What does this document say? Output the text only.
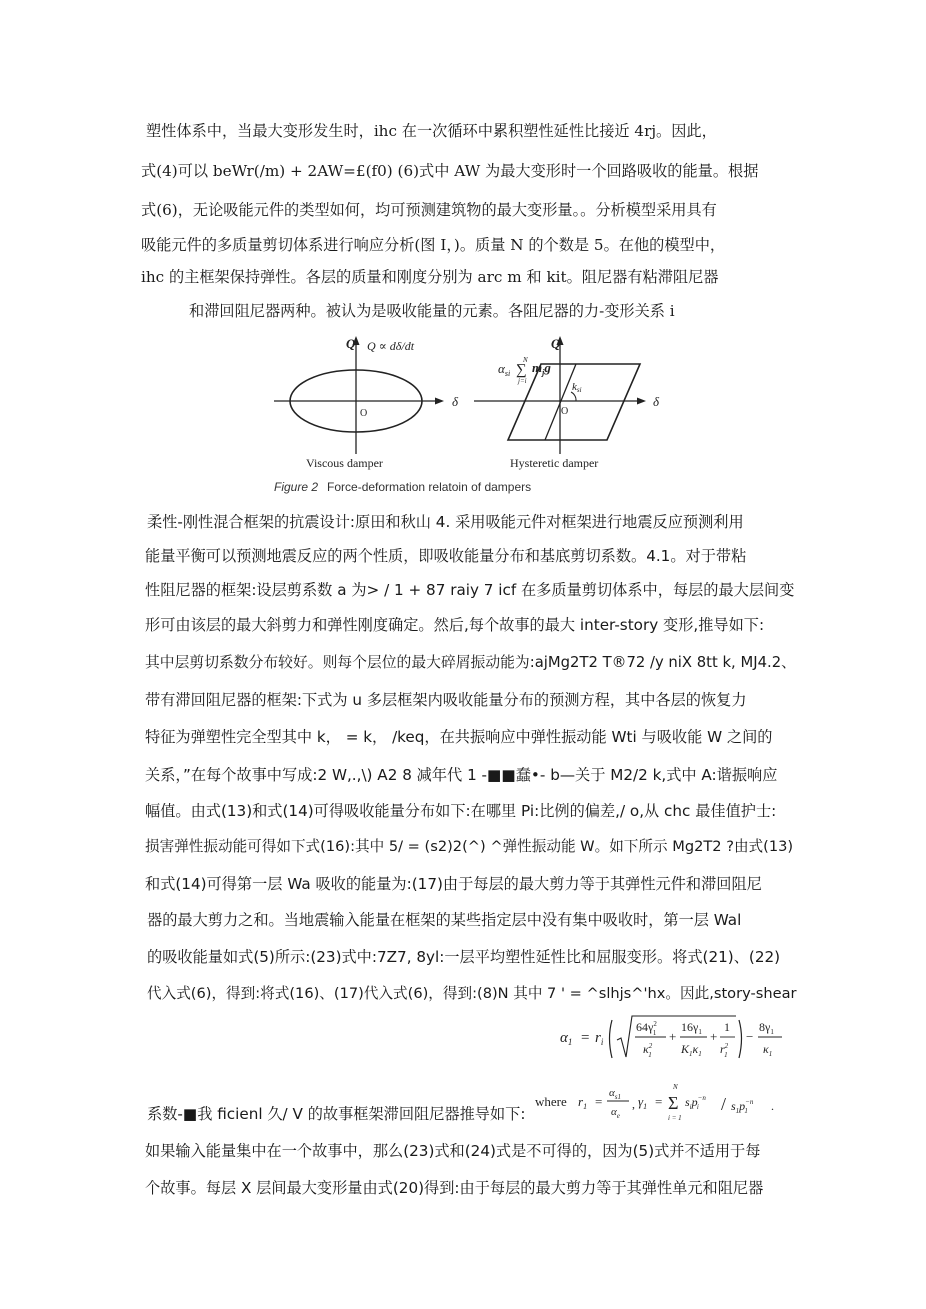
塑性体系中，当最大变形发生时，ihc 在一次循环中累积塑性延性比接近 4rj。因此，
式(4)可以 beWr(/m) + 2AW=£(f0) (6)式中 AW 为最大变形时一个回路吸收的能量。根据
式(6)，无论吸能元件的类型如何，均可预测建筑物的最大变形量。。分析模型采用具有
吸能元件的多质量剪切体系进行响应分析(图 I，)。质量 N 的个数是 5。在他的模型中，
ihc 的主框架保持弹性。各层的质量和刚度分别为 arc m 和 kit。阻尼器有粘滞阻尼器
和滞回阻尼器两种。被认为是吸收能量的元素。各阻尼器的力-变形关系 i
Q
δ
O
Q ∝ dδ/dt
Viscous damper
Q
δ
O
$\alpha_{si}$
N
∑
j=i
$m_jg$
ksi
Hysteretic damper
Figure 2 Force-deformation relatoin of dampers
柔性-刚性混合框架的抗震设计:原田和秋山 4. 采用吸能元件对框架进行地震反应预测利用
能量平衡可以预测地震反应的两个性质，即吸收能量分布和基底剪切系数。4.1。对于带粘
性阻尼器的框架:设层剪系数 a 为> / 1 + 87 raiy 7 icf 在多质量剪切体系中，每层的最大层间变
形可由该层的最大斜剪力和弹性刚度确定。然后,每个故事的最大 inter-story 变形,推导如下:
其中层剪切系数分布较好。则每个层位的最大碎屑振动能为:ajMg2T2 T®72 /y niX 8tt k, MJ4.2、
带有滞回阻尼器的框架:下式为 u 多层框架内吸收能量分布的预测方程，其中各层的恢复力
特征为弹塑性完全型其中 k， = k， /keq，在共振响应中弹性振动能 Wti 与吸收能 W 之间的
关系，”在每个故事中写成:2 W,.,\) A2 8 减年代 1 -■■蠢•- b—关于 M2/2 k,式中 A:谐振响应
幅值。由式(13)和式(14)可得吸收能量分布如下:在哪里 Pi:比例的偏差,/ o,从 chc 最佳值护士:
损害弹性振动能可得如下式(16):其中 5/ = (s2)2(^) ^弹性振动能 W。如下所示 Mg2T2 ?由式(13)
和式(14)可得第一层 Wa 吸收的能量为:(17)由于每层的最大剪力等于其弹性元件和滞回阻尼
器的最大剪力之和。当地震输入能量在框架的某些指定层中没有集中吸收时，第一层 Wal
的吸收能量如式(5)所示:(23)式中:7Z7, 8yl:一层平均塑性延性比和屈服变形。将式(21)、(22)
代入式(6)，得到:将式(16)、(17)代入式(6)，得到:(8)N 其中 7 ' = ^slhjs^'hx。因此,story-shear
$\alpha_1 = r_i$
$64\gamma^2$ 1
$\kappa^2$ 1
+
$16\gamma_1$
$K_1\kappa_1$
+
1
$r^2$ 1
−
$8\gamma_1$
$\kappa_1$
where $r_1$ =
$\alpha_{s1}$
$\alpha_e$
, $\gamma_1$ =
N
Σ
i = 1
$s_ip^{-n}$ i	/ $s_1p^{-n}$ 1	.
系数-■我 ficienl 久/ V 的故事框架滞回阻尼器推导如下:
如果输入能量集中在一个故事中，那么(23)式和(24)式是不可得的，因为(5)式并不适用于每
个故事。每层 X 层间最大变形量由式(20)得到:由于每层的最大剪力等于其弹性单元和阻尼器
